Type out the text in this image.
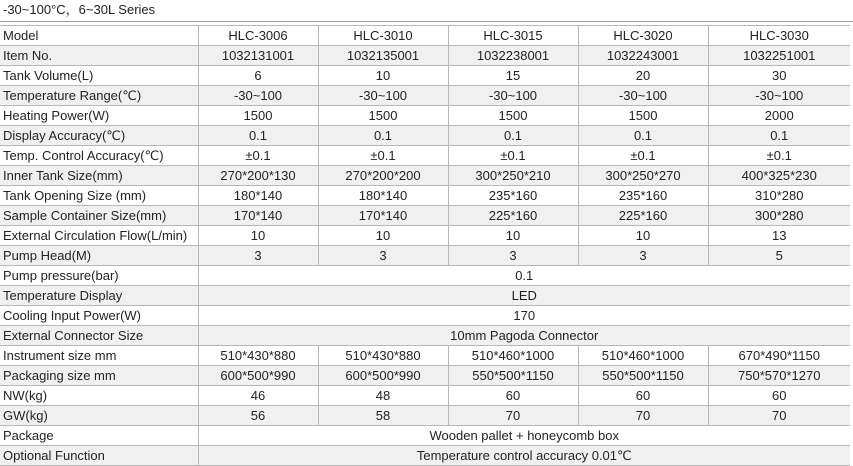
-30~100°C，6~30L Series
Model	HLC-3006	HLC-3010	HLC-3015	HLC-3020	HLC-3030
Item No.	1032131001	1032135001	1032238001	1032243001	1032251001
Tank Volume(L)	6	10	15	20	30
Temperature Range(℃)	-30~100	-30~100	-30~100	-30~100	-30~100
Heating Power(W)	1500	1500	1500	1500	2000
Display Accuracy(℃)	0.1	0.1	0.1	0.1	0.1
Temp. Control Accuracy(℃)	±0.1	±0.1	±0.1	±0.1	±0.1
Inner Tank Size(mm)	270*200*130	270*200*200	300*250*210	300*250*270	400*325*230
Tank Opening Size (mm)	180*140	180*140	235*160	235*160	310*280
Sample Container Size(mm)	170*140	170*140	225*160	225*160	300*280
External Circulation Flow(L/min)	10	10	10	10	13
Pump Head(M)	3	3	3	3	5
Pump pressure(bar)	0.1				
Temperature Display	LED				
Cooling Input Power(W)	170				
External Connector Size	10mm Pagoda Connector				
Instrument size mm	510*430*880	510*430*880	510*460*1000	510*460*1000	670*490*1150
Packaging size mm	600*500*990	600*500*990	550*500*1150	550*500*1150	750*570*1270
NW(kg)	46	48	60	60	60
GW(kg)	56	58	70	70	70
Package	Wooden pallet + honeycomb box				
Optional Function	Temperature control accuracy 0.01℃				
